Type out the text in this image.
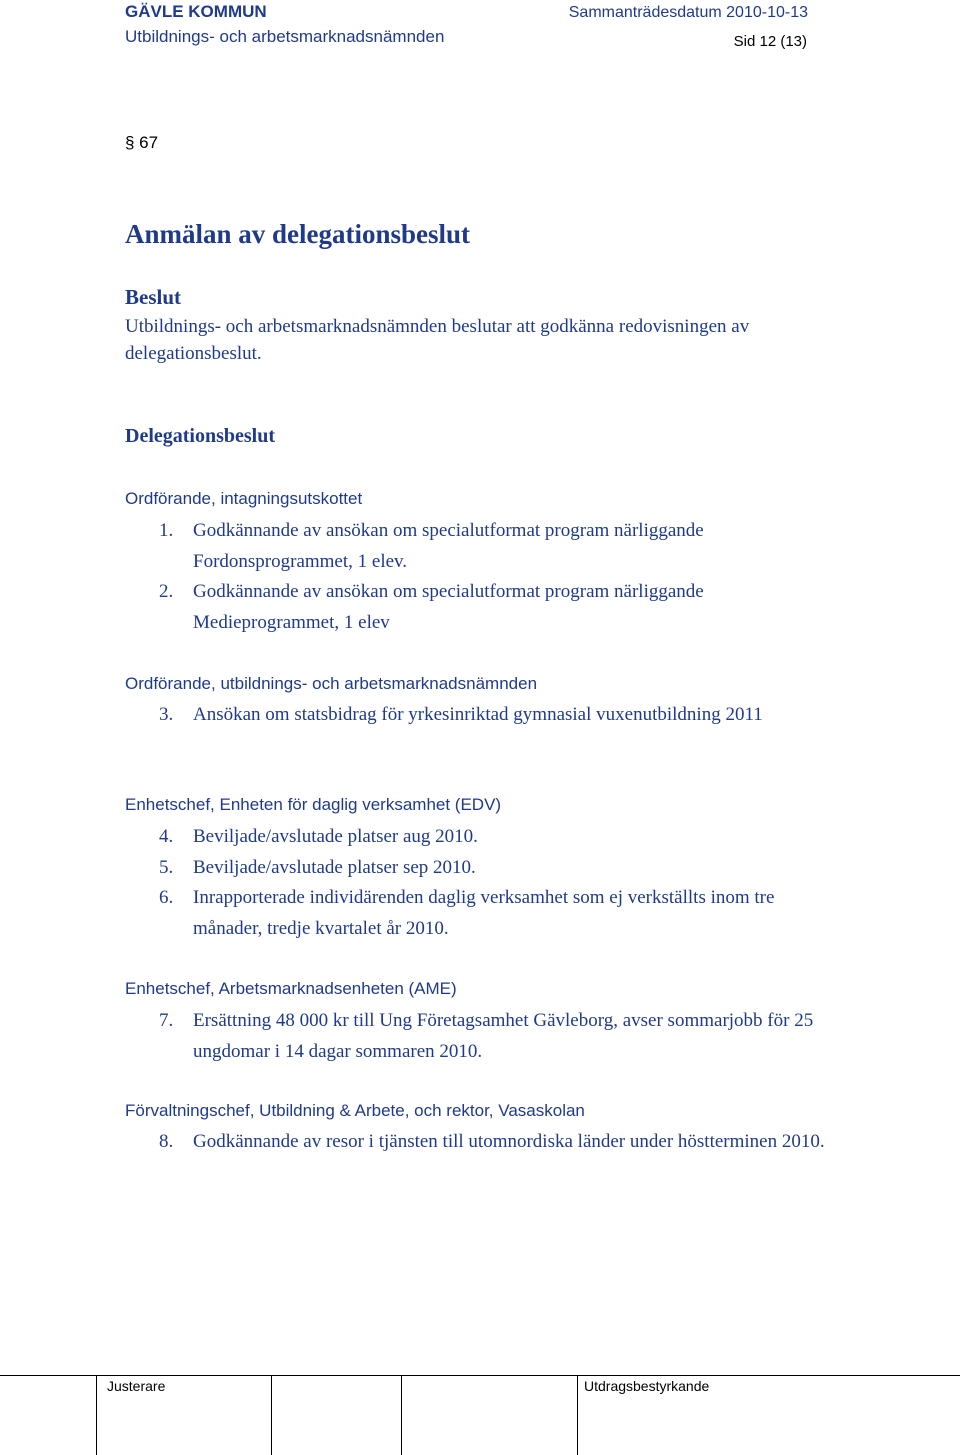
GÄVLE KOMMUN	Sammanträdesdatum 2010-10-13
Utbildnings- och arbetsmarknadsnämnden	Sid 12 (13)
§ 67
Anmälan av delegationsbeslut
Beslut
Utbildnings- och arbetsmarknadsnämnden beslutar att godkänna redovisningen av delegationsbeslut.
Delegationsbeslut
Ordförande, intagningsutskottet
1. Godkännande av ansökan om specialutformat program närliggande Fordonsprogrammet, 1 elev.
2. Godkännande av ansökan om specialutformat program närliggande Medieprogrammet, 1 elev
Ordförande, utbildnings- och arbetsmarknadsnämnden
3. Ansökan om statsbidrag för yrkesinriktad gymnasial vuxenutbildning 2011
Enhetschef, Enheten för daglig verksamhet (EDV)
4. Beviljade/avslutade platser aug 2010.
5. Beviljade/avslutade platser sep 2010.
6. Inrapporterade individärenden daglig verksamhet som ej verkställts inom tre månader, tredje kvartalet år 2010.
Enhetschef, Arbetsmarknadsenheten (AME)
7. Ersättning 48 000 kr till Ung Företagsamhet Gävleborg, avser sommarjobb för 25 ungdomar i 14 dagar sommaren 2010.
Förvaltningschef, Utbildning & Arbete, och rektor, Vasaskolan
8. Godkännande av resor i tjänsten till utomnordiska länder under höstterminen 2010.
Justerare	Utdragsbestyrkande
